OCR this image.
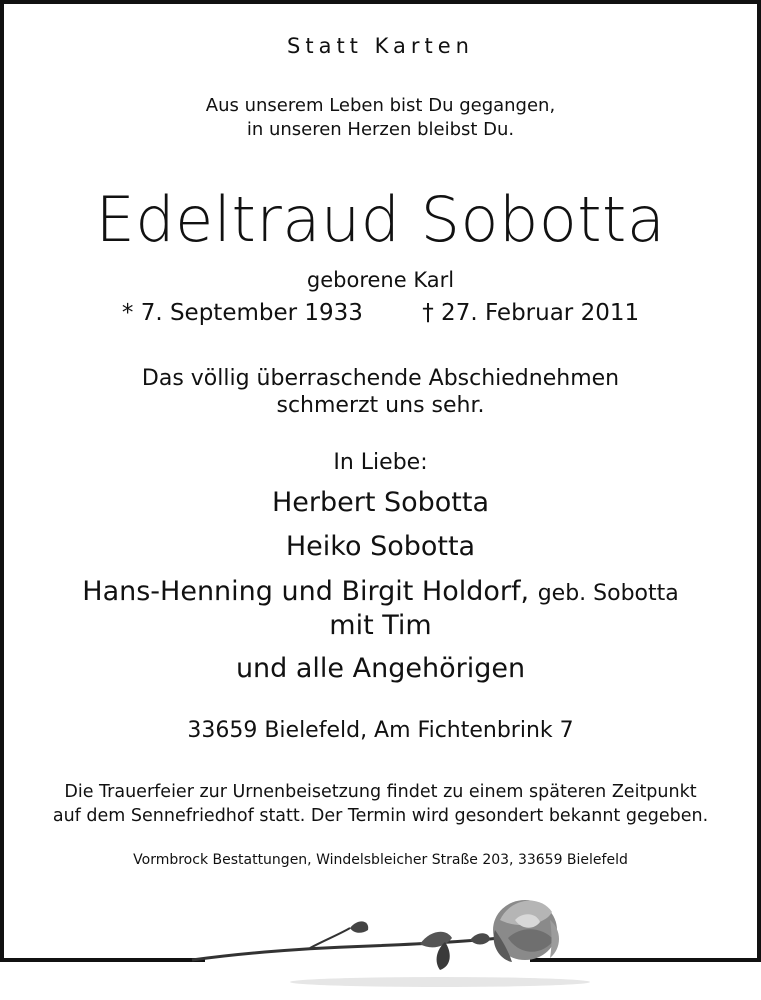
Statt Karten
Aus unserem Leben bist Du gegangen,
in unseren Herzen bleibst Du.
Edeltraud Sobotta
geborene Karl
* 7. September 1933	† 27. Februar 2011
Das völlig überraschende Abschiednehmen
schmerzt uns sehr.
In Liebe:
Herbert Sobotta
Heiko Sobotta
Hans-Henning und Birgit Holdorf, geb. Sobotta
mit Tim
und alle Angehörigen
33659 Bielefeld, Am Fichtenbrink 7
Die Trauerfeier zur Urnenbeisetzung findet zu einem späteren Zeitpunkt
auf dem Sennefriedhof statt. Der Termin wird gesondert bekannt gegeben.
Vormbrock Bestattungen, Windelsbleicher Straße 203, 33659 Bielefeld
